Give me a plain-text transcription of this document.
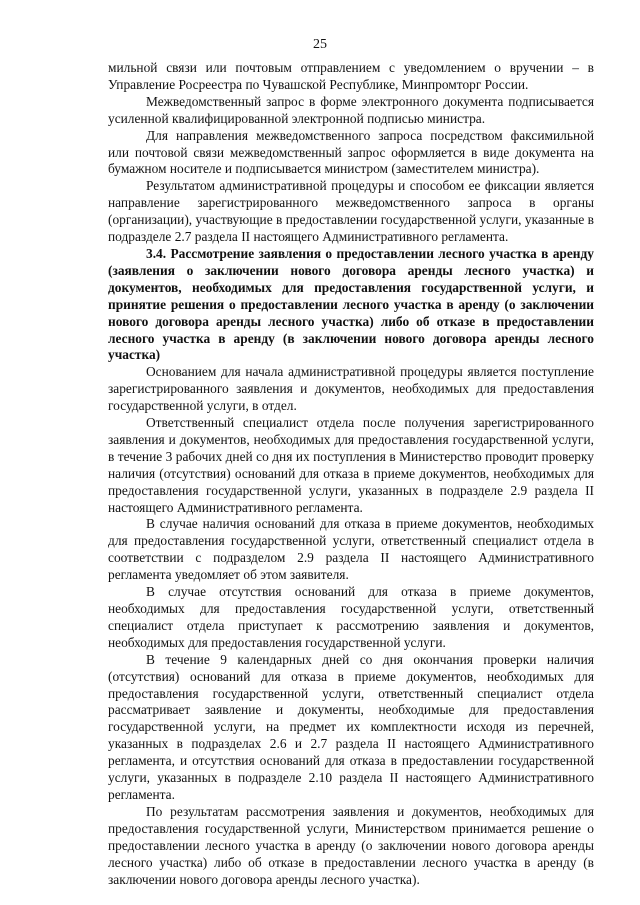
25

мильной связи или почтовым отправлением с уведомлением о вручении – в Управление Росреестра по Чувашской Республике, Минпромторг России.

Межведомственный запрос в форме электронного документа подписывается усиленной квалифицированной электронной подписью министра.

Для направления межведомственного запроса посредством факсимильной или почтовой связи межведомственный запрос оформляется в виде документа на бумажном носителе и подписывается министром (заместителем министра).

Результатом административной процедуры и способом ее фиксации является направление зарегистрированного межведомственного запроса в органы (организации), участвующие в предоставлении государственной услуги, указанные в подразделе 2.7 раздела II настоящего Административного регламента.

3.4. Рассмотрение заявления о предоставлении лесного участка в аренду (заявления о заключении нового договора аренды лесного участка) и документов, необходимых для предоставления государственной услуги, и принятие решения о предоставлении лесного участка в аренду (о заключении нового договора аренды лесного участка) либо об отказе в предоставлении лесного участка в аренду (в заключении нового договора аренды лесного участка)

Основанием для начала административной процедуры является поступление зарегистрированного заявления и документов, необходимых для предоставления государственной услуги, в отдел.

Ответственный специалист отдела после получения зарегистрированного заявления и документов, необходимых для предоставления государственной услуги, в течение 3 рабочих дней со дня их поступления в Министерство проводит проверку наличия (отсутствия) оснований для отказа в приеме документов, необходимых для предоставления государственной услуги, указанных в подразделе 2.9 раздела II настоящего Административного регламента.

В случае наличия оснований для отказа в приеме документов, необходимых для предоставления государственной услуги, ответственный специалист отдела в соответствии с подразделом 2.9 раздела II настоящего Административного регламента уведомляет об этом заявителя.

В случае отсутствия оснований для отказа в приеме документов, необходимых для предоставления государственной услуги, ответственный специалист отдела приступает к рассмотрению заявления и документов, необходимых для предоставления государственной услуги.

В течение 9 календарных дней со дня окончания проверки наличия (отсутствия) оснований для отказа в приеме документов, необходимых для предоставления государственной услуги, ответственный специалист отдела рассматривает заявление и документы, необходимые для предоставления государственной услуги, на предмет их комплектности исходя из перечней, указанных в подразделах 2.6 и 2.7 раздела II настоящего Административного регламента, и отсутствия оснований для отказа в предоставлении государственной услуги, указанных в подразделе 2.10 раздела II настоящего Административного регламента.

По результатам рассмотрения заявления и документов, необходимых для предоставления государственной услуги, Министерством принимается решение о предоставлении лесного участка в аренду (о заключении нового договора аренды лесного участка) либо об отказе в предоставлении лесного участка в аренду (в заключении нового договора аренды лесного участка).
